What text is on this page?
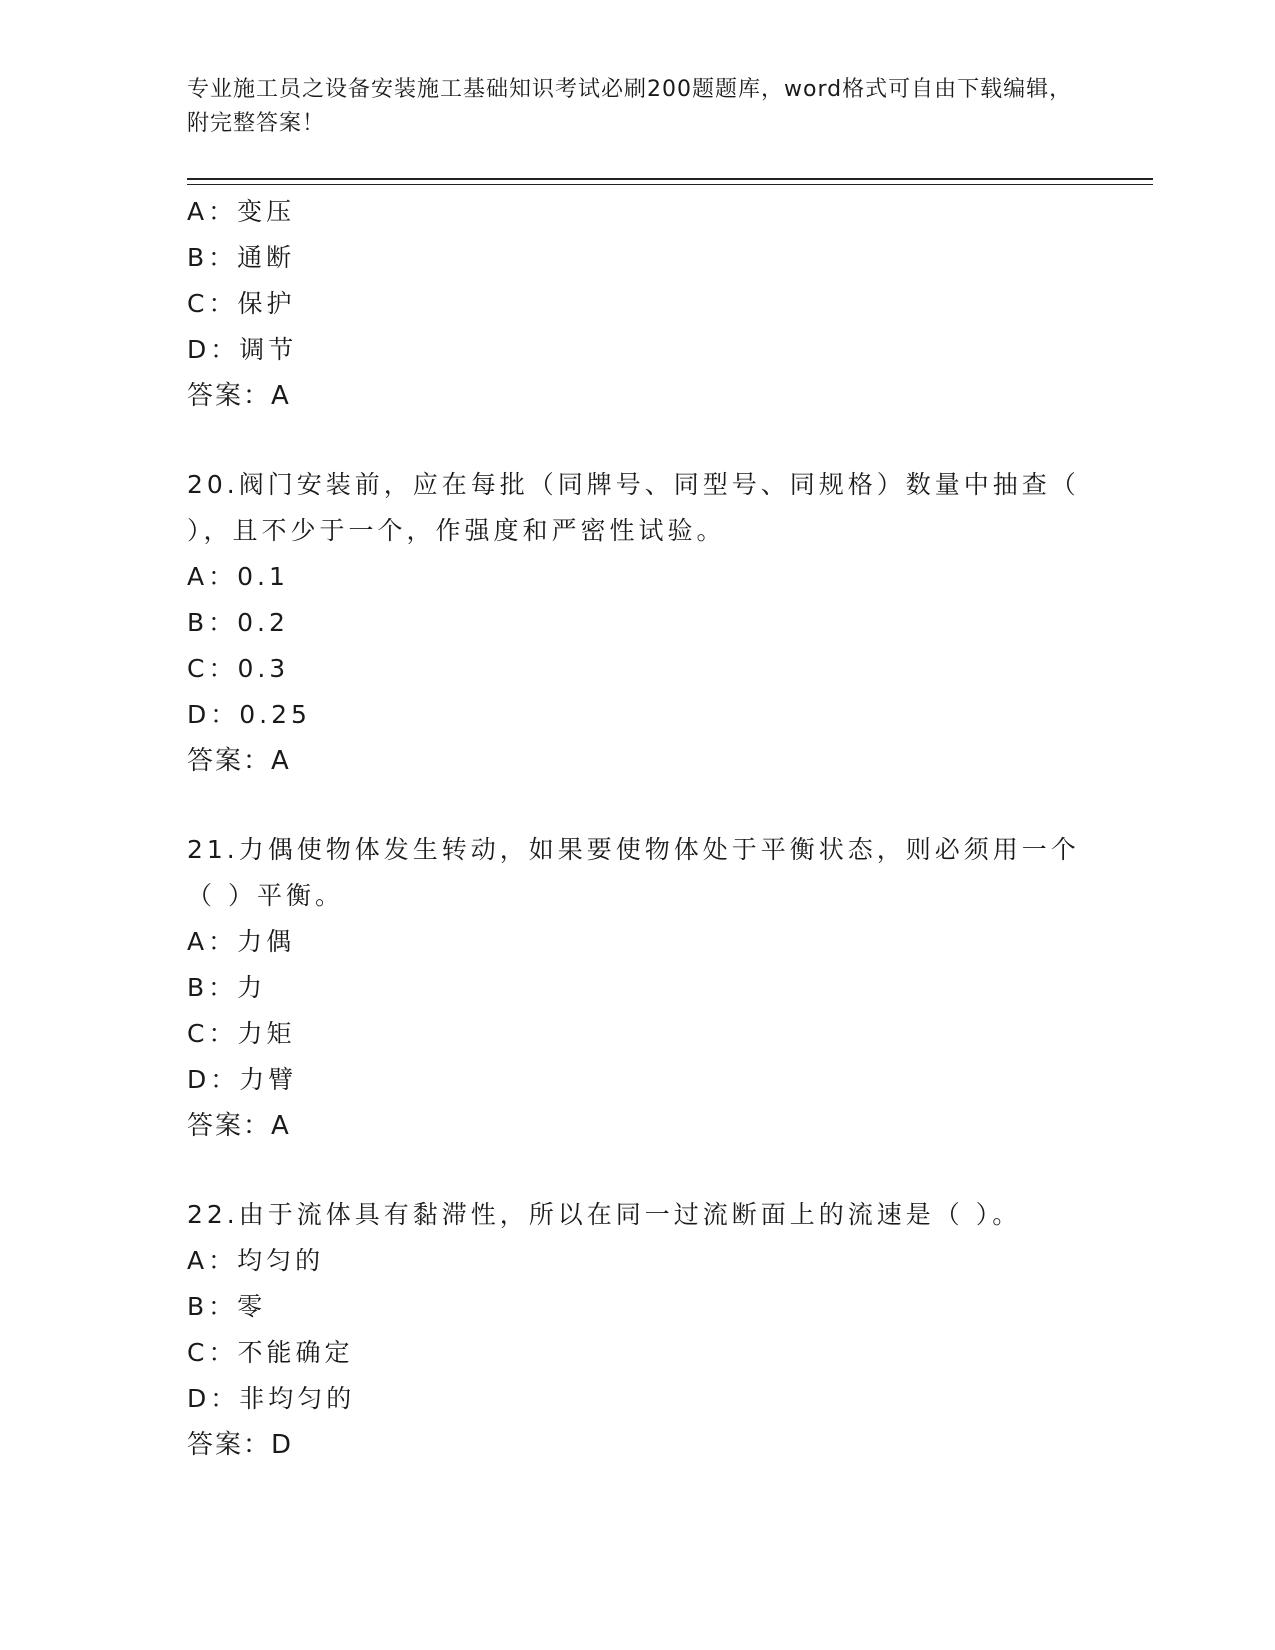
专业施工员之设备安装施工基础知识考试必刷200题题库，word格式可自由下载编辑，附完整答案！
A：变压
B：通断
C：保护
D：调节
答案：A
20.阀门安装前，应在每批（同牌号、同型号、同规格）数量中抽查（
），且不少于一个，作强度和严密性试验。
A：0.1
B：0.2
C：0.3
D：0.25
答案：A
21.力偶使物体发生转动，如果要使物体处于平衡状态，则必须用一个
（ ）平衡。
A：力偶
B：力
C：力矩
D：力臂
答案：A
22.由于流体具有黏滞性，所以在同一过流断面上的流速是（ ）。
A：均匀的
B：零
C：不能确定
D：非均匀的
答案：D
